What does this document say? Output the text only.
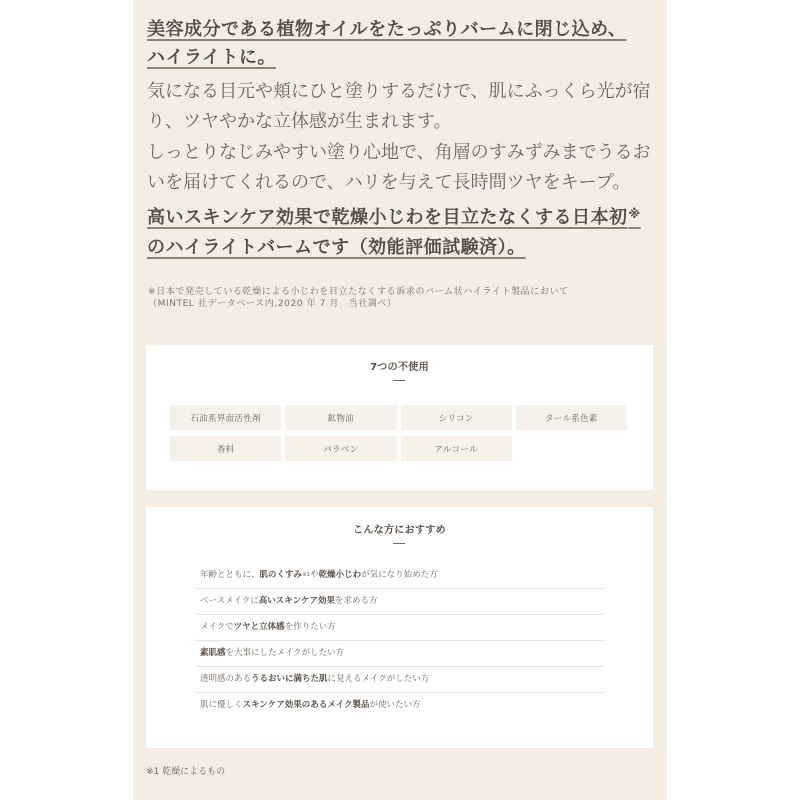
美容成分である植物オイルをたっぷりバームに閉じ込め、
ハイライトに。
気になる目元や頬にひと塗りするだけで、肌にふっくら光が宿
り、ツヤやかな立体感が生まれます。
しっとりなじみやすい塗り心地で、角層のすみずみまでうるお
いを届けてくれるので、ハリを与えて長時間ツヤをキープ。
高いスキンケア効果で乾燥小じわを目立たなくする日本初※
のハイライトバームです（効能評価試験済）。
※日本で発売している乾燥による小じわを目立たなくする訴求のバーム状ハイライト製品において
（MINTEL 社データベース内,2020 年 7 月　当社調べ）
7つの不使用
石油系界面活性剤	鉱物油	シリコン	タール系色素
香料	パラベン	アルコール
こんな方におすすめ
年齢とともに、肌のくすみ※1や乾燥小じわが気になり始めた方
ベースメイクに高いスキンケア効果を求める方
メイクでツヤと立体感を作りたい方
素肌感を大事にしたメイクがしたい方
透明感のあるうるおいに満ちた肌に見えるメイクがしたい方
肌に優しくスキンケア効果のあるメイク製品が使いたい方
※1 乾燥によるもの
